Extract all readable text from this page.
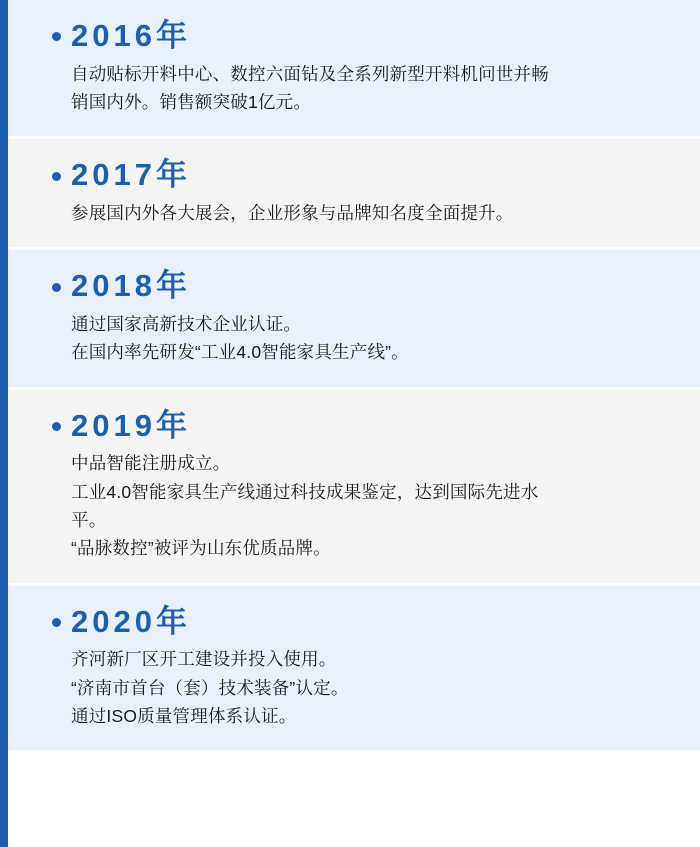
2016年
自动贴标开料中心、数控六面钻及全系列新型开料机问世并畅
销国内外。销售额突破1亿元。
2017年
参展国内外各大展会，企业形象与品牌知名度全面提升。
2018年
通过国家高新技术企业认证。
在国内率先研发“工业4.0智能家具生产线”。
2019年
中品智能注册成立。
工业4.0智能家具生产线通过科技成果鉴定，达到国际先进水
平。
“品脉数控”被评为山东优质品牌。
2020年
齐河新厂区开工建设并投入使用。
“济南市首台（套）技术装备”认定。
通过ISO质量管理体系认证。
